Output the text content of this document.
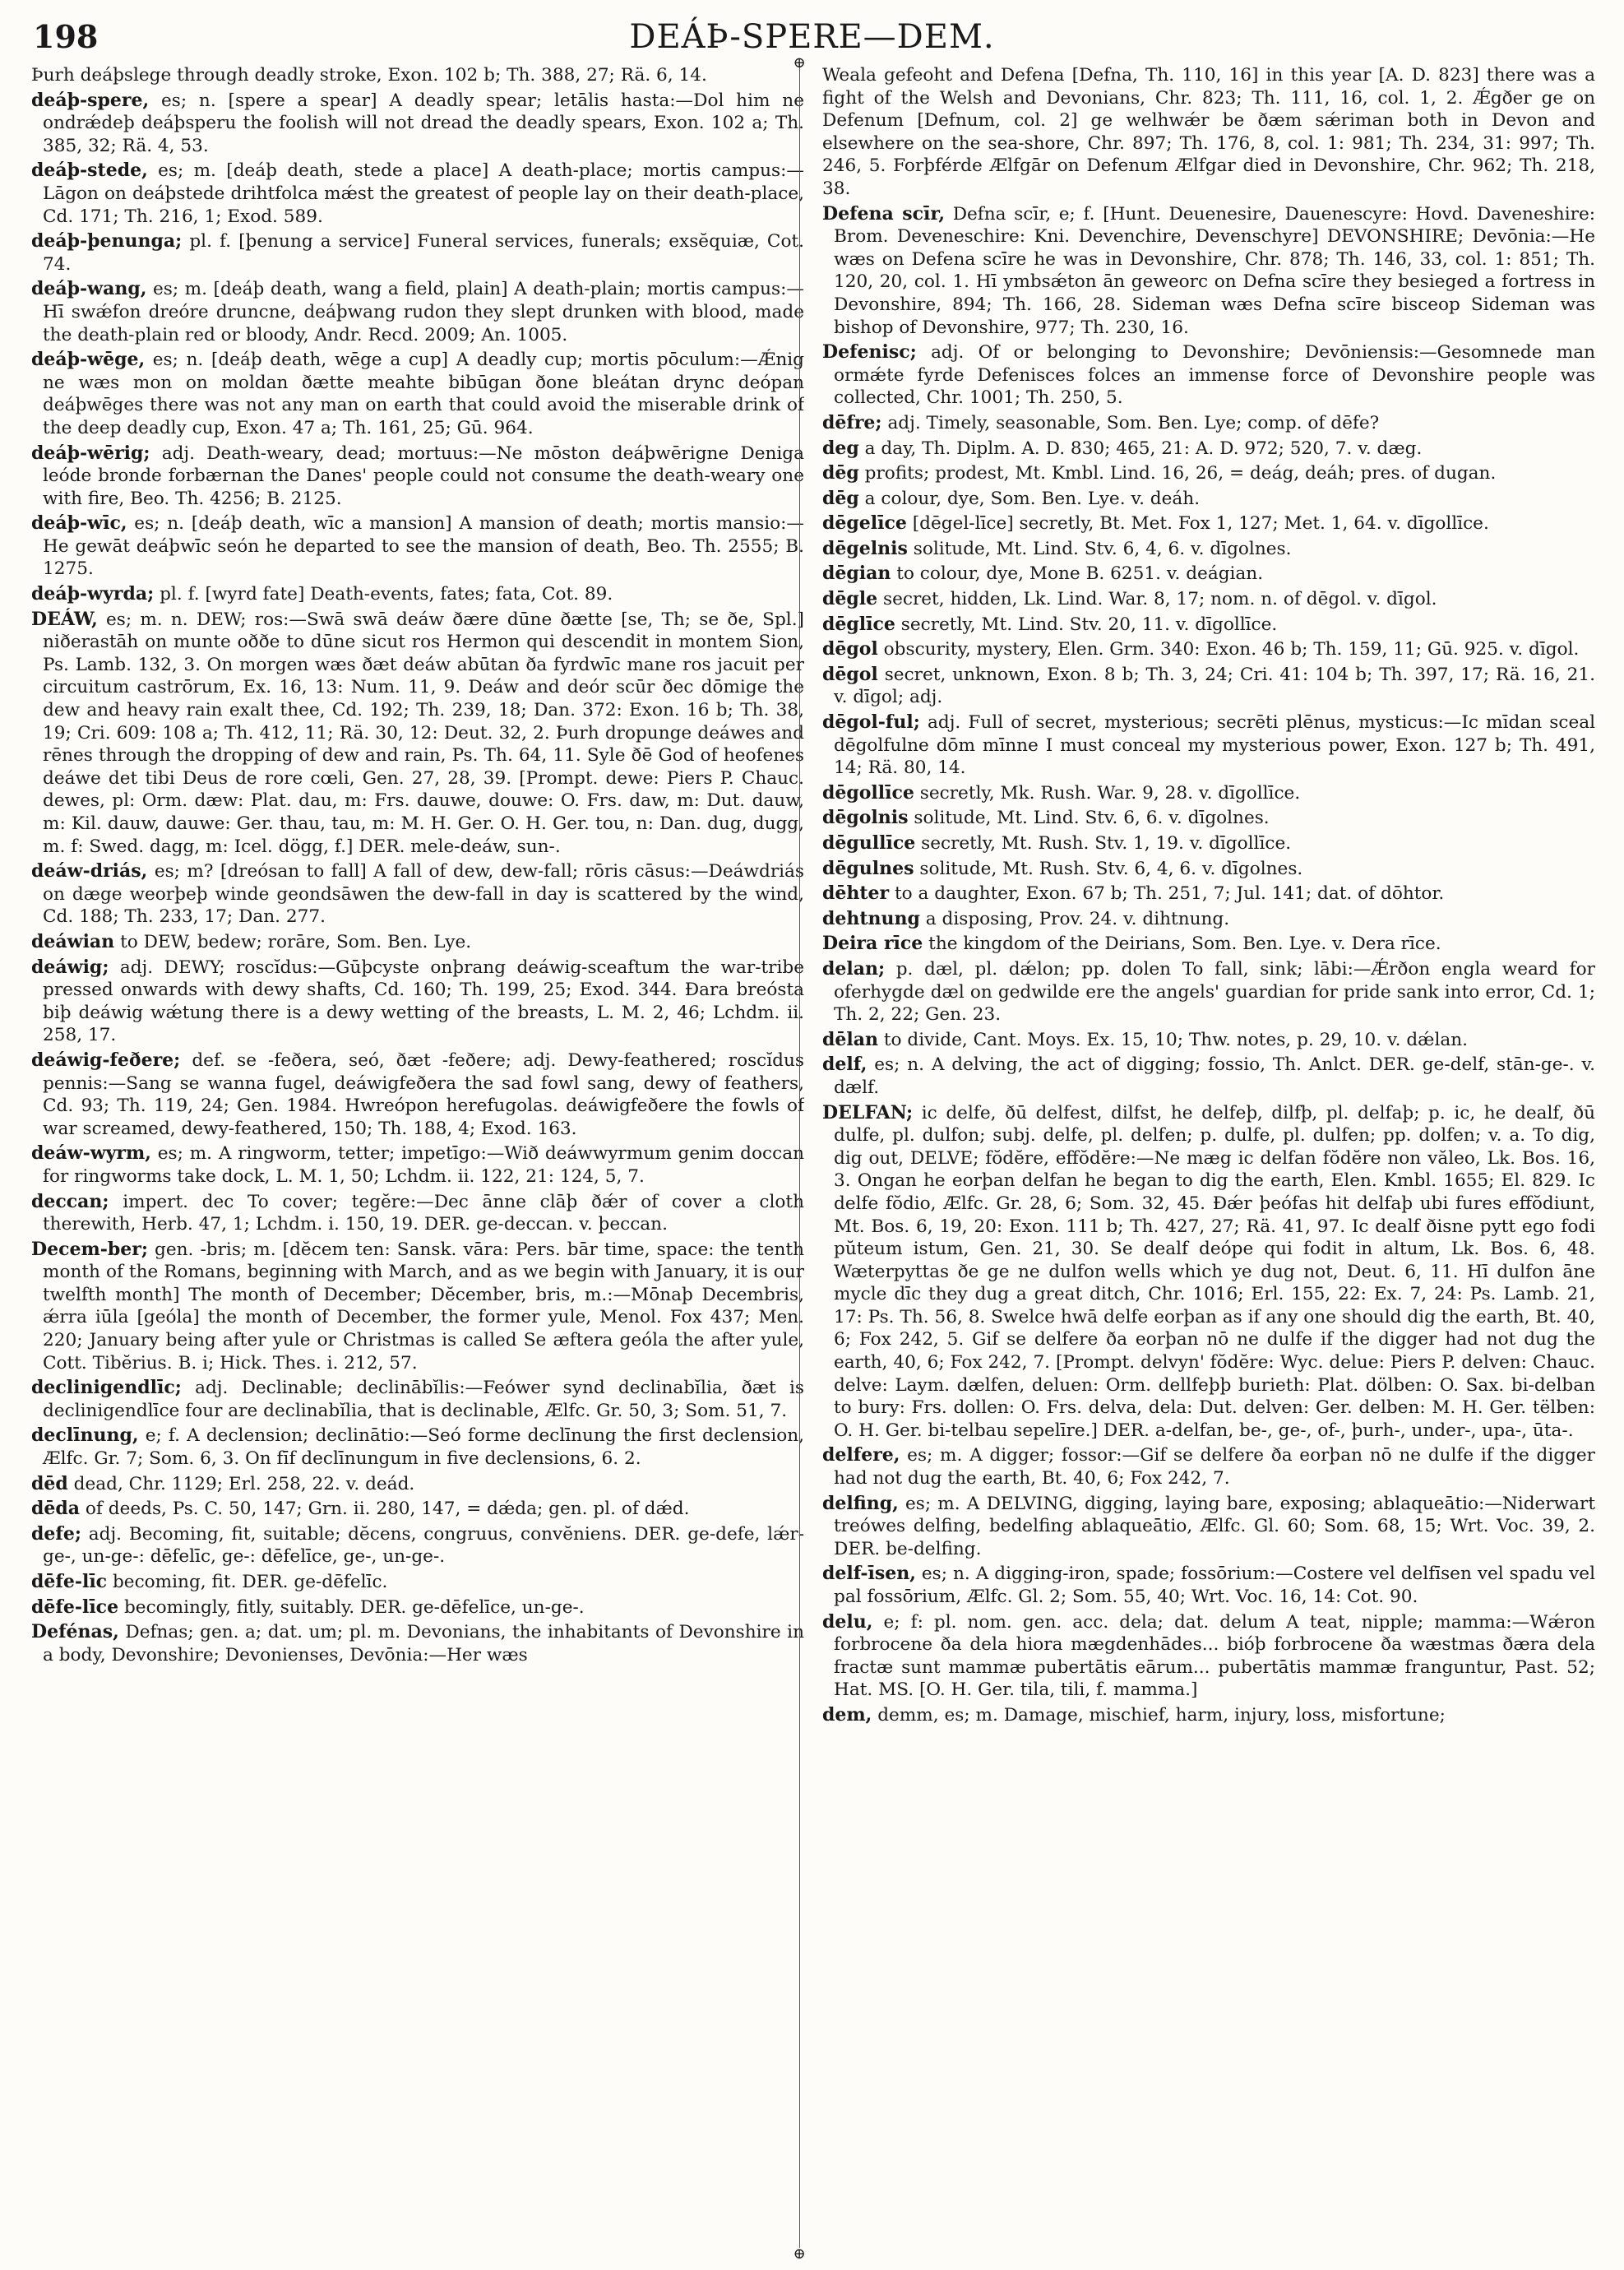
198	DEÁÞ-SPERE—DEM.

Þurh deáþslege through deadly stroke, Exon. 102 b; Th. 388, 27; Rä. 6, 14.

deáþ-spere, es; n. [spere a spear] A deadly spear; letālis hasta:—Dol him ne ondrǽdeþ deáþsperu the foolish will not dread the deadly spears, Exon. 102 a; Th. 385, 32; Rä. 4, 53.

deáþ-stede, es; m. [deáþ death, stede a place] A death-place; mortis campus:—Lāgon on deáþstede drihtfolca mǽst the greatest of people lay on their death-place, Cd. 171; Th. 216, 1; Exod. 589.

deáþ-þenunga; pl. f. [þenung a service] Funeral services, funerals; exsĕquiæ, Cot. 74.

deáþ-wang, es; m. [deáþ death, wang a field, plain] A death-plain; mortis campus:—Hī swǽfon dreóre druncne, deáþwang rudon they slept drunken with blood, made the death-plain red or bloody, Andr. Recd. 2009; An. 1005.

deáþ-wēge, es; n. [deáþ death, wēge a cup] A deadly cup; mortis pōculum:—Ǽnig ne wæs mon on moldan ðætte meahte bibūgan ðone bleátan drync deópan deáþwēges there was not any man on earth that could avoid the miserable drink of the deep deadly cup, Exon. 47 a; Th. 161, 25; Gū. 964.

deáþ-wērig; adj. Death-weary, dead; mortuus:—Ne mōston deáþwērigne Deniga leóde bronde forbærnan the Danes' people could not consume the death-weary one with fire, Beo. Th. 4256; B. 2125.

deáþ-wīc, es; n. [deáþ death, wīc a mansion] A mansion of death; mortis mansio:—He gewāt deáþwīc seón he departed to see the mansion of death, Beo. Th. 2555; B. 1275.

deáþ-wyrda; pl. f. [wyrd fate] Death-events, fates; fata, Cot. 89.

DEÁW, es; m. n. DEW; ros:—Swā swā deáw ðære dūne ðætte [se, Th; se ðe, Spl.] niðerastāh on munte oððe to dūne sicut ros Hermon qui descendit in montem Sion, Ps. Lamb. 132, 3. On morgen wæs ðæt deáw abūtan ða fyrdwīc mane ros jacuit per circuitum castrōrum, Ex. 16, 13: Num. 11, 9. Deáw and deór scūr ðec dōmige the dew and heavy rain exalt thee, Cd. 192; Th. 239, 18; Dan. 372: Exon. 16 b; Th. 38, 19; Cri. 609: 108 a; Th. 412, 11; Rä. 30, 12: Deut. 32, 2. Þurh dropunge deáwes and rēnes through the dropping of dew and rain, Ps. Th. 64, 11. Syle ðē God of heofenes deáwe det tibi Deus de rore cœli, Gen. 27, 28, 39. [Prompt. dewe: Piers P. Chauc. dewes, pl: Orm. dæw: Plat. dau, m: Frs. dauwe, douwe: O. Frs. daw, m: Dut. dauw, m: Kil. dauw, dauwe: Ger. thau, tau, m: M. H. Ger. O. H. Ger. tou, n: Dan. dug, dugg, m. f: Swed. dagg, m: Icel. dögg, f.] DER. mele-deáw, sun-.

deáw-driás, es; m? [dreósan to fall] A fall of dew, dew-fall; rōris cāsus:—Deáwdriás on dæge weorþeþ winde geondsāwen the dew-fall in day is scattered by the wind, Cd. 188; Th. 233, 17; Dan. 277.

deáwian to DEW, bedew; rorāre, Som. Ben. Lye.

deáwig; adj. DEWY; roscĭdus:—Gūþcyste onþrang deáwig-sceaftum the war-tribe pressed onwards with dewy shafts, Cd. 160; Th. 199, 25; Exod. 344. Ðara breósta biþ deáwig wǽtung there is a dewy wetting of the breasts, L. M. 2, 46; Lchdm. ii. 258, 17.

deáwig-feðere; def. se -feðera, seó, ðæt -feðere; adj. Dewy-feathered; roscĭdus pennis:—Sang se wanna fugel, deáwigfeðera the sad fowl sang, dewy of feathers, Cd. 93; Th. 119, 24; Gen. 1984. Hwreópon herefugolas. deáwigfeðere the fowls of war screamed, dewy-feathered, 150; Th. 188, 4; Exod. 163.

deáw-wyrm, es; m. A ringworm, tetter; impetīgo:—Wið deáwwyrmum genim doccan for ringworms take dock, L. M. 1, 50; Lchdm. ii. 122, 21: 124, 5, 7.

deccan; impert. dec To cover; tegĕre:—Dec ānne clāþ ðǽr of cover a cloth therewith, Herb. 47, 1; Lchdm. i. 150, 19. DER. ge-deccan. v. þeccan.

Decem-ber; gen. -bris; m. [dĕcem ten: Sansk. vāra: Pers. bār time, space: the tenth month of the Romans, beginning with March, and as we begin with January, it is our twelfth month] The month of December; Dĕcember, bris, m.:—Mōnaþ Decembris, ǽrra iūla [geóla] the month of December, the former yule, Menol. Fox 437; Men. 220; January being after yule or Christmas is called Se æftera geóla the after yule, Cott. Tibĕrius. B. i; Hick. Thes. i. 212, 57.

declinigendlīc; adj. Declinable; declinābĭlis:—Feówer synd declinabĭlia, ðæt is declinigendlīce four are declinabĭlia, that is declinable, Ælfc. Gr. 50, 3; Som. 51, 7.

declīnung, e; f. A declension; declinātio:—Seó forme declīnung the first declension, Ælfc. Gr. 7; Som. 6, 3. On fīf declīnungum in five declensions, 6. 2.

dēd dead, Chr. 1129; Erl. 258, 22. v. deád.

dēda of deeds, Ps. C. 50, 147; Grn. ii. 280, 147, = dǽda; gen. pl. of dǽd.

defe; adj. Becoming, fit, suitable; dĕcens, congruus, convĕniens. DER. ge-defe, lǽr-ge-, un-ge-: dēfelīc, ge-: dēfelīce, ge-, un-ge-.

dēfe-līc becoming, fit. DER. ge-dēfelīc.

dēfe-līce becomingly, fitly, suitably. DER. ge-dēfelīce, un-ge-.

Defénas, Defnas; gen. a; dat. um; pl. m. Devonians, the inhabitants of Devonshire in a body, Devonshire; Devonienses, Devōnia:—Her wæs

⊕
⊕

Weala gefeoht and Defena [Defna, Th. 110, 16] in this year [A. D. 823] there was a fight of the Welsh and Devonians, Chr. 823; Th. 111, 16, col. 1, 2. Ǽgðer ge on Defenum [Defnum, col. 2] ge welhwǽr be ðæm sǽriman both in Devon and elsewhere on the sea-shore, Chr. 897; Th. 176, 8, col. 1: 981; Th. 234, 31: 997; Th. 246, 5. Forþférde Ælfgār on Defenum Ælfgar died in Devonshire, Chr. 962; Th. 218, 38.

Defena scīr, Defna scīr, e; f. [Hunt. Deuenesire, Dauenescyre: Hovd. Daveneshire: Brom. Deveneschire: Kni. Devenchire, Devenschyre] DEVONSHIRE; Devōnia:—He wæs on Defena scīre he was in Devonshire, Chr. 878; Th. 146, 33, col. 1: 851; Th. 120, 20, col. 1. Hī ymbsǽton ān geweorc on Defna scīre they besieged a fortress in Devonshire, 894; Th. 166, 28. Sideman wæs Defna scīre bisceop Sideman was bishop of Devonshire, 977; Th. 230, 16.

Defenisc; adj. Of or belonging to Devonshire; Devōniensis:—Gesomnede man ormǽte fyrde Defenisces folces an immense force of Devonshire people was collected, Chr. 1001; Th. 250, 5.

dēfre; adj. Timely, seasonable, Som. Ben. Lye; comp. of dēfe?

deg a day, Th. Diplm. A. D. 830; 465, 21: A. D. 972; 520, 7. v. dæg.

dēg profits; prodest, Mt. Kmbl. Lind. 16, 26, = deág, deáh; pres. of dugan.

dēg a colour, dye, Som. Ben. Lye. v. deáh.

dēgelīce [dēgel-līce] secretly, Bt. Met. Fox 1, 127; Met. 1, 64. v. dīgollīce.

dēgelnis solitude, Mt. Lind. Stv. 6, 4, 6. v. dīgolnes.

dēgian to colour, dye, Mone B. 6251. v. deágian.

dēgle secret, hidden, Lk. Lind. War. 8, 17; nom. n. of dēgol. v. dīgol.

dēglīce secretly, Mt. Lind. Stv. 20, 11. v. dīgollīce.

dēgol obscurity, mystery, Elen. Grm. 340: Exon. 46 b; Th. 159, 11; Gū. 925. v. dīgol.

dēgol secret, unknown, Exon. 8 b; Th. 3, 24; Cri. 41: 104 b; Th. 397, 17; Rä. 16, 21. v. dīgol; adj.

dēgol-ful; adj. Full of secret, mysterious; secrēti plēnus, mysticus:—Ic mīdan sceal dēgolfulne dōm mīnne I must conceal my mysterious power, Exon. 127 b; Th. 491, 14; Rä. 80, 14.

dēgollīce secretly, Mk. Rush. War. 9, 28. v. dīgollīce.

dēgolnis solitude, Mt. Lind. Stv. 6, 6. v. dīgolnes.

dēgullīce secretly, Mt. Rush. Stv. 1, 19. v. dīgollīce.

dēgulnes solitude, Mt. Rush. Stv. 6, 4, 6. v. dīgolnes.

dēhter to a daughter, Exon. 67 b; Th. 251, 7; Jul. 141; dat. of dōhtor.

dehtnung a disposing, Prov. 24. v. dihtnung.

Deira rīce the kingdom of the Deirians, Som. Ben. Lye. v. Dera rīce.

delan; p. dæl, pl. dǽlon; pp. dolen To fall, sink; lābi:—Ǽrðon engla weard for oferhygde dæl on gedwilde ere the angels' guardian for pride sank into error, Cd. 1; Th. 2, 22; Gen. 23.

dēlan to divide, Cant. Moys. Ex. 15, 10; Thw. notes, p. 29, 10. v. dǽlan.

delf, es; n. A delving, the act of digging; fossio, Th. Anlct. DER. ge-delf, stān-ge-. v. dælf.

DELFAN; ic delfe, ðū delfest, dilfst, he delfeþ, dilfþ, pl. delfaþ; p. ic, he dealf, ðū dulfe, pl. dulfon; subj. delfe, pl. delfen; p. dulfe, pl. dulfen; pp. dolfen; v. a. To dig, dig out, DELVE; fŏdĕre, effŏdĕre:—Ne mæg ic delfan fŏdĕre non văleo, Lk. Bos. 16, 3. Ongan he eorþan delfan he began to dig the earth, Elen. Kmbl. 1655; El. 829. Ic delfe fŏdio, Ælfc. Gr. 28, 6; Som. 32, 45. Ðǽr þeófas hit delfaþ ubi fures effŏdiunt, Mt. Bos. 6, 19, 20: Exon. 111 b; Th. 427, 27; Rä. 41, 97. Ic dealf ðisne pytt ego fodi pŭteum istum, Gen. 21, 30. Se dealf deópe qui fodit in altum, Lk. Bos. 6, 48. Wæterpyttas ðe ge ne dulfon wells which ye dug not, Deut. 6, 11. Hī dulfon āne mycle dīc they dug a great ditch, Chr. 1016; Erl. 155, 22: Ex. 7, 24: Ps. Lamb. 21, 17: Ps. Th. 56, 8. Swelce hwā delfe eorþan as if any one should dig the earth, Bt. 40, 6; Fox 242, 5. Gif se delfere ða eorþan nō ne dulfe if the digger had not dug the earth, 40, 6; Fox 242, 7. [Prompt. delvyn' fŏdĕre: Wyc. delue: Piers P. delven: Chauc. delve: Laym. dælfen, deluen: Orm. dellfeþþ burieth: Plat. dölben: O. Sax. bi-delban to bury: Frs. dollen: O. Frs. delva, dela: Dut. delven: Ger. delben: M. H. Ger. tëlben: O. H. Ger. bi-telbau sepelīre.] DER. a-delfan, be-, ge-, of-, þurh-, under-, upa-, ūta-.

delfere, es; m. A digger; fossor:—Gif se delfere ða eorþan nō ne dulfe if the digger had not dug the earth, Bt. 40, 6; Fox 242, 7.

delfing, es; m. A DELVING, digging, laying bare, exposing; ablaqueātio:—Niderwart treówes delfing, bedelfing ablaqueātio, Ælfc. Gl. 60; Som. 68, 15; Wrt. Voc. 39, 2. DER. be-delfing.

delf-īsen, es; n. A digging-iron, spade; fossōrium:—Costere vel delfīsen vel spadu vel pal fossōrium, Ælfc. Gl. 2; Som. 55, 40; Wrt. Voc. 16, 14: Cot. 90.

delu, e; f: pl. nom. gen. acc. dela; dat. delum A teat, nipple; mamma:—Wǽron forbrocene ða dela hiora mægdenhādes... bióþ forbrocene ða wæstmas ðæra dela fractæ sunt mammæ pubertātis eārum... pubertātis mammæ franguntur, Past. 52; Hat. MS. [O. H. Ger. tila, tili, f. mamma.]

dem, demm, es; m. Damage, mischief, harm, injury, loss, misfortune;
